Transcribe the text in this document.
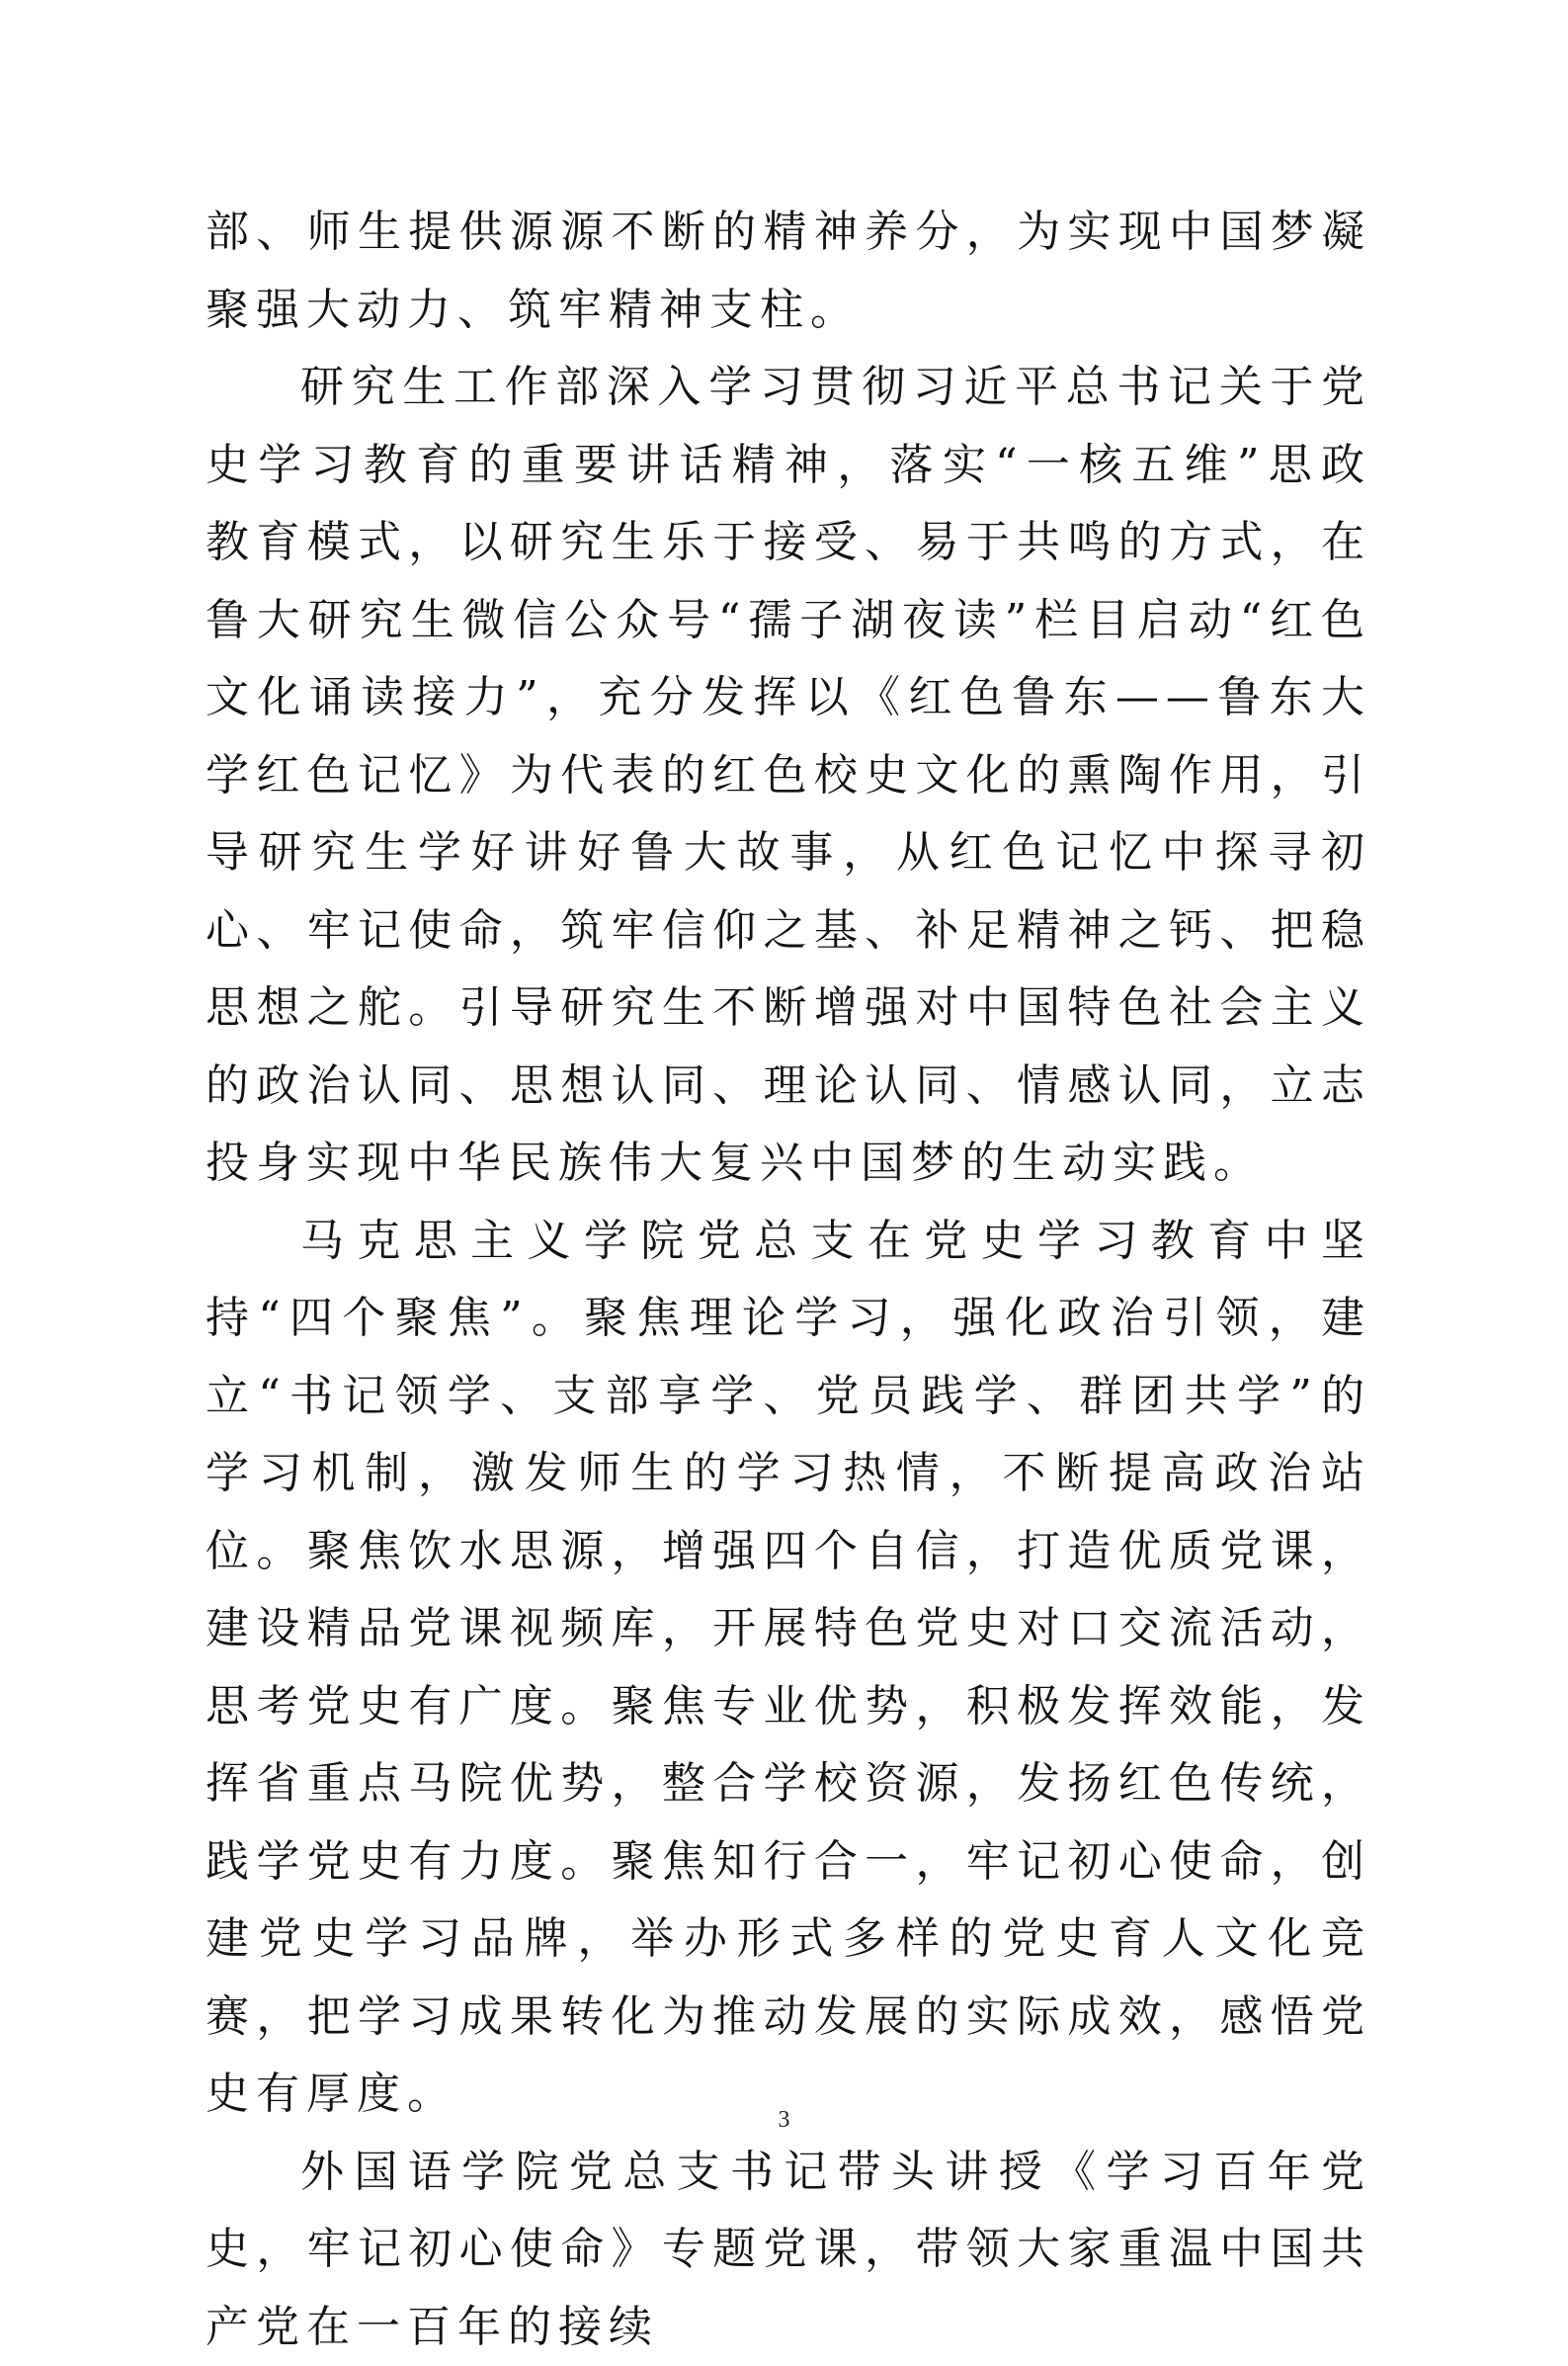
部、师生提供源源不断的精神养分，为实现中国梦凝聚强大动力、筑牢精神支柱。

研究生工作部深入学习贯彻习近平总书记关于党史学习教育的重要讲话精神，落实“一核五维”思政教育模式，以研究生乐于接受、易于共鸣的方式，在鲁大研究生微信公众号“孺子湖夜读”栏目启动“红色文化诵读接力”，充分发挥以《红色鲁东——鲁东大学红色记忆》为代表的红色校史文化的熏陶作用，引导研究生学好讲好鲁大故事，从红色记忆中探寻初心、牢记使命，筑牢信仰之基、补足精神之钙、把稳思想之舵。引导研究生不断增强对中国特色社会主义的政治认同、思想认同、理论认同、情感认同，立志投身实现中华民族伟大复兴中国梦的生动实践。

马克思主义学院党总支在党史学习教育中坚持“四个聚焦”。聚焦理论学习，强化政治引领，建立“书记领学、支部享学、党员践学、群团共学”的学习机制，激发师生的学习热情，不断提高政治站位。聚焦饮水思源，增强四个自信，打造优质党课，建设精品党课视频库，开展特色党史对口交流活动，思考党史有广度。聚焦专业优势，积极发挥效能，发挥省重点马院优势，整合学校资源，发扬红色传统，践学党史有力度。聚焦知行合一，牢记初心使命，创建党史学习品牌，举办形式多样的党史育人文化竞赛，把学习成果转化为推动发展的实际成效，感悟党史有厚度。

外国语学院党总支书记带头讲授《学习百年党史，牢记初心使命》专题党课，带领大家重温中国共产党在一百年的接续

3
